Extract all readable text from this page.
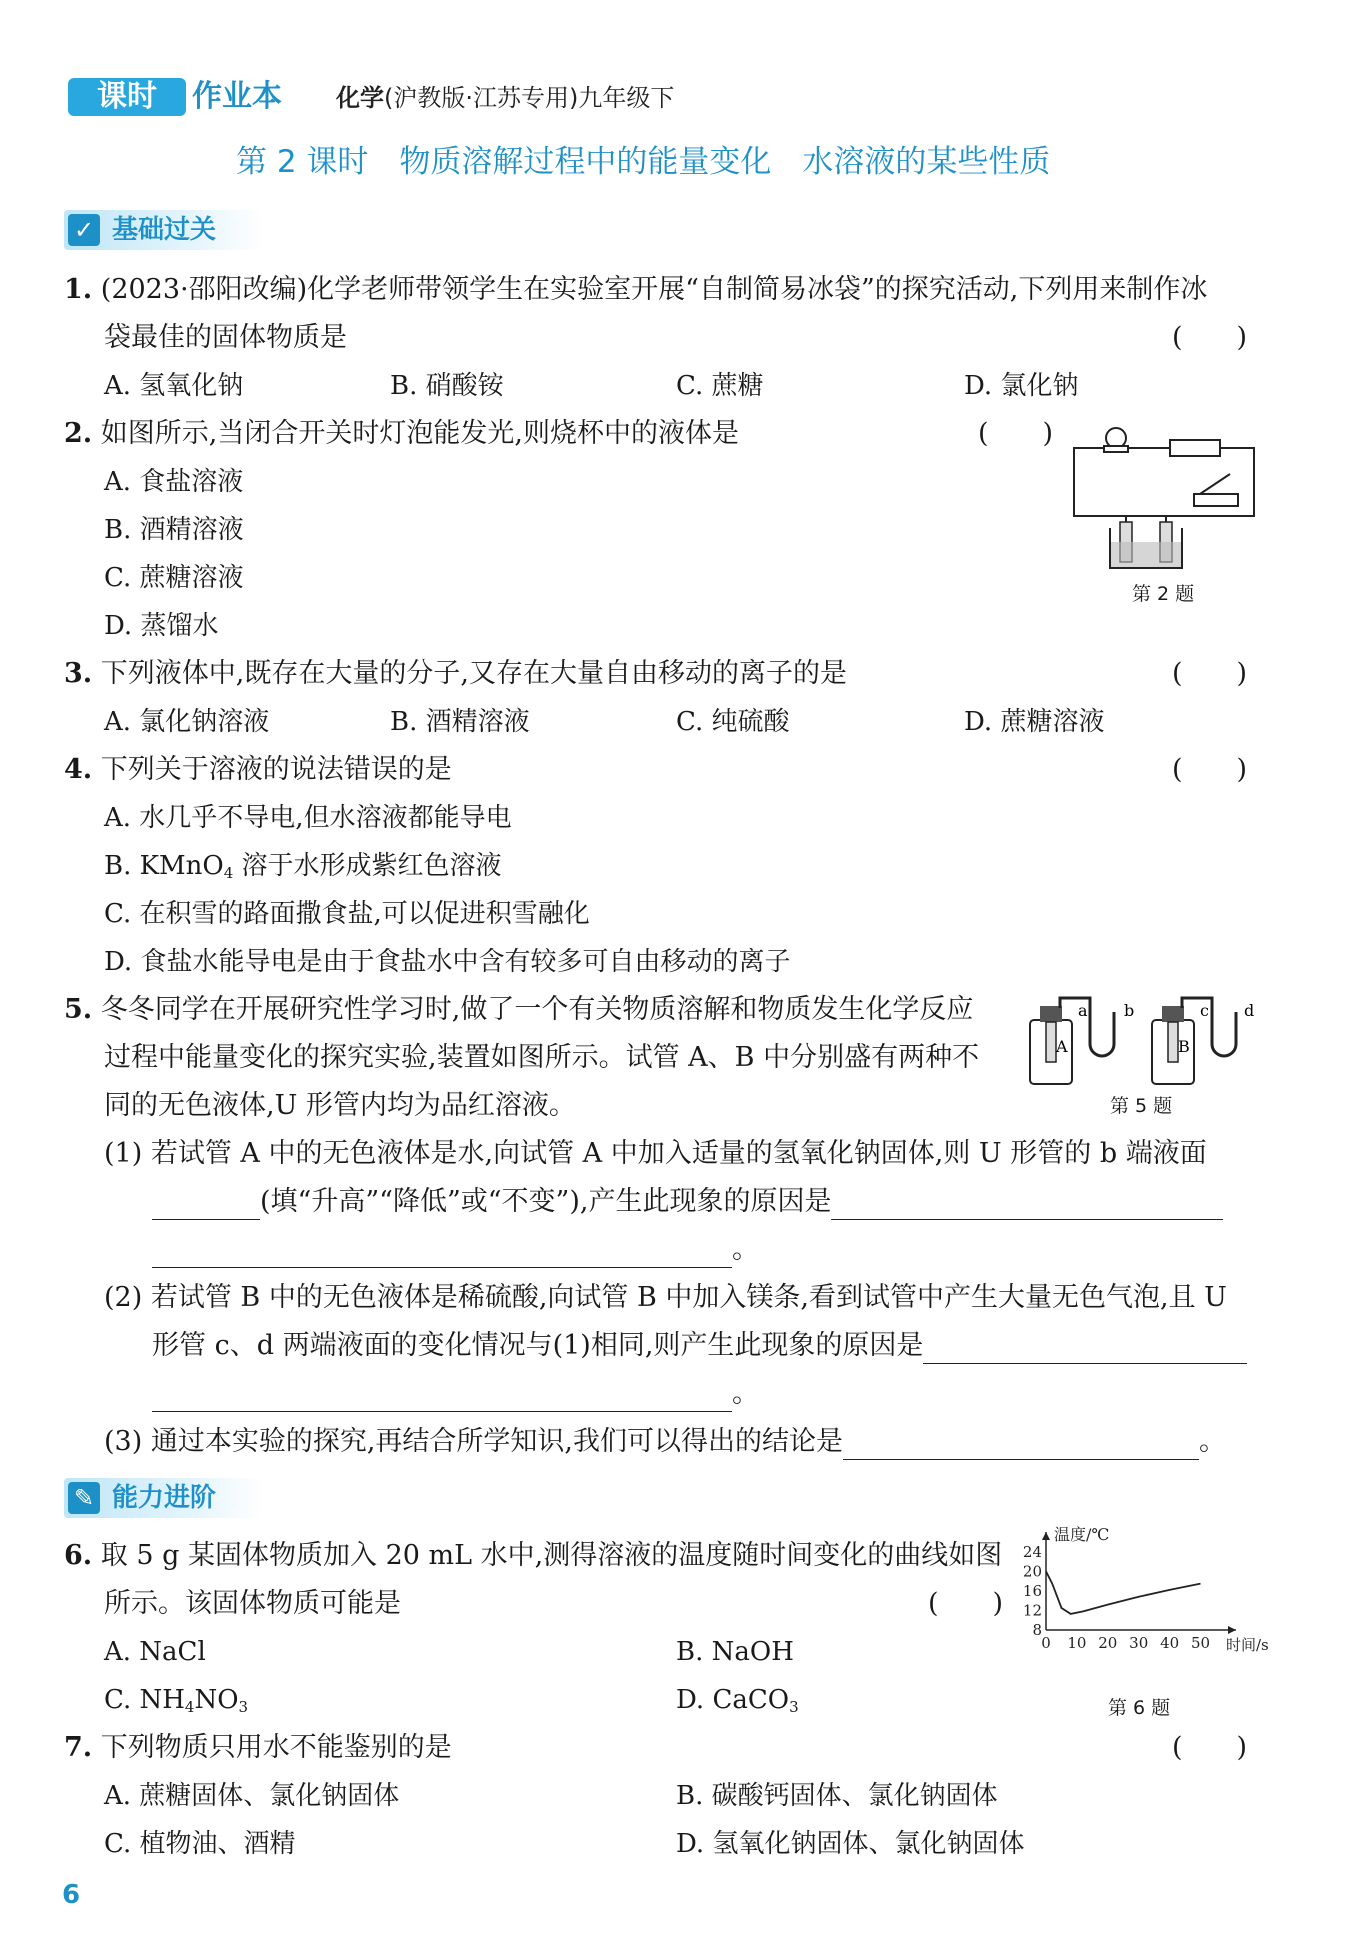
课时	作业本 化学(沪教版·江苏专用)九年级下
第 2 课时　物质溶解过程中的能量变化　水溶液的某些性质
✓ 基础过关
1. (2023·邵阳改编)化学老师带领学生在实验室开展“自制简易冰袋”的探究活动,下列用来制作冰
袋最佳的固体物质是	(　　)
A. 氢氧化钠	B. 硝酸铵	C. 蔗糖	D. 氯化钠
2. 如图所示,当闭合开关时灯泡能发光,则烧杯中的液体是	(　　)
A. 食盐溶液
B. 酒精溶液
C. 蔗糖溶液
D. 蒸馏水
第 2 题
3. 下列液体中,既存在大量的分子,又存在大量自由移动的离子的是	(　　)
A. 氯化钠溶液	B. 酒精溶液	C. 纯硫酸	D. 蔗糖溶液
4. 下列关于溶液的说法错误的是	(　　)
A. 水几乎不导电,但水溶液都能导电
B. KMnO$_4$ 溶于水形成紫红色溶液
C. 在积雪的路面撒食盐,可以促进积雪融化
D. 食盐水能导电是由于食盐水中含有较多可自由移动的离子
5. 冬冬同学在开展研究性学习时,做了一个有关物质溶解和物质发生化学反应
过程中能量变化的探究实验,装置如图所示。试管 A、B 中分别盛有两种不
同的无色液体,U 形管内均为品红溶液。
a b	c d
A	B
第 5 题
(1) 若试管 A 中的无色液体是水,向试管 A 中加入适量的氢氧化钠固体,则 U 形管的 b 端液面
(填“升高”“降低”或“不变”),产生此现象的原因是
。
(2) 若试管 B 中的无色液体是稀硫酸,向试管 B 中加入镁条,看到试管中产生大量无色气泡,且 U
形管 c、d 两端液面的变化情况与(1)相同,则产生此现象的原因是
。
(3) 通过本实验的探究,再结合所学知识,我们可以得出的结论是	。
✎ 能力进阶
6. 取 5 g 某固体物质加入 20 mL 水中,测得溶液的温度随时间变化的曲线如图
所示。该固体物质可能是	(　　)
A. NaCl	B. NaOH
C. $NH_4NO_3$	D. CaCO$_3$
8
12
16
20
24
0 10 20 30 40 50
温度/℃
时间/s
第 6 题
7. 下列物质只用水不能鉴别的是	(　　)
A. 蔗糖固体、氯化钠固体	B. 碳酸钙固体、氯化钠固体
C. 植物油、酒精	D. 氢氧化钠固体、氯化钠固体
6
